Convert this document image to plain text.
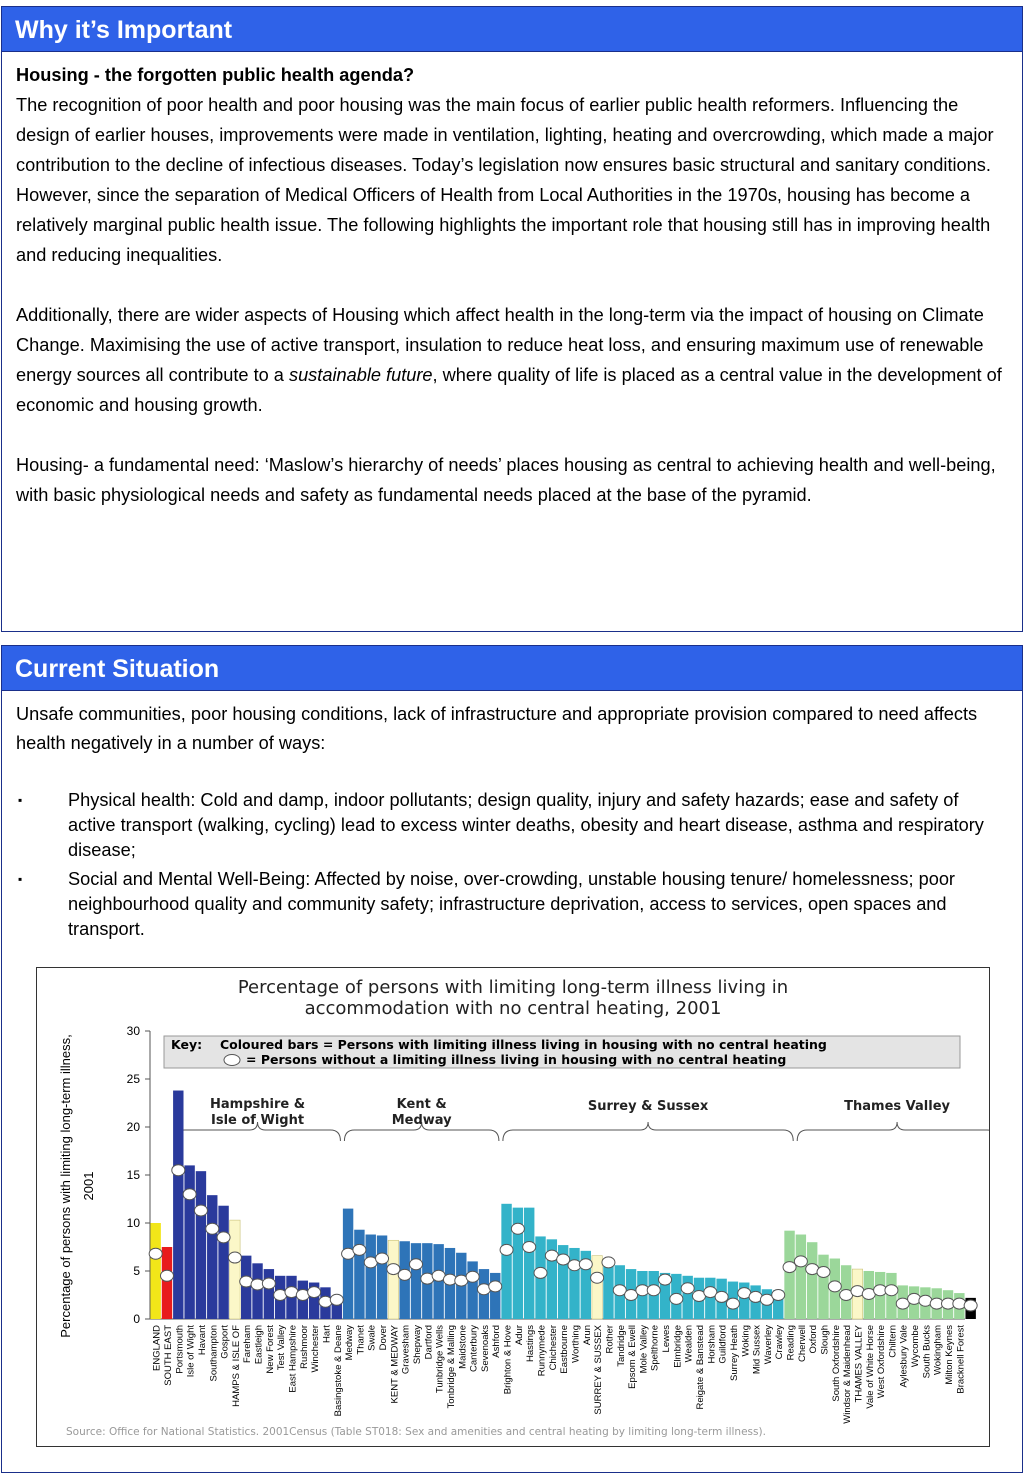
Why it’s Important

Housing - the forgotten public health agenda?

The recognition of poor health and poor housing was the main focus of earlier public health reformers. Influencing the design of earlier houses, improvements were made in ventilation, lighting, heating and overcrowding, which made a major contribution to the decline of infectious diseases. Today’s legislation now ensures basic structural and sanitary conditions. However, since the separation of Medical Officers of Health from Local Authorities in the 1970s, housing has become a relatively marginal public health issue. The following highlights the important role that housing still has in improving health and reducing inequalities.

Additionally, there are wider aspects of Housing which affect health in the long-term via the impact of housing on Climate Change. Maximising the use of active transport, insulation to reduce heat loss, and ensuring maximum use of renewable energy sources all contribute to a sustainable future, where quality of life is placed as a central value in the development of economic and housing growth.

Housing- a fundamental need: ‘Maslow’s hierarchy of needs’ places housing as central to achieving health and well-being, with basic physiological needs and safety as fundamental needs placed at the base of the pyramid.

Current Situation

Unsafe communities, poor housing conditions, lack of infrastructure and appropriate provision compared to need affects health negatively in a number of ways:

▪	Physical health: Cold and damp, indoor pollutants; design quality, injury and safety hazards; ease and safety of active transport (walking, cycling) lead to excess winter deaths, obesity and heart disease, asthma and respiratory disease;
▪	Social and Mental Well-Being: Affected by noise, over-crowding, unstable housing tenure/ homelessness; poor neighbourhood quality and community safety; infrastructure deprivation, access to services, open spaces and transport.
Percentage of persons with limiting long-term illness living in
accommodation with no central heating, 2001
Percentage of persons with limiting long-term illness, 2001
0
5
10
15
20
25
30
Key: Coloured bars = Persons with limiting illness living in housing with no central heating
= Persons without a limiting illness living in housing with no central heating
Hampshire &
Isle of Wight
Kent &
Medway
Surrey & Sussex	Thames Valley
ENGLAND SOUTH EAST Portsmouth Isle of Wight Havant Southampton Gosport HAMPS & ISLE OF Fareham Eastleigh New Forest Test Valley East Hampshire Rushmoor Winchester Hart Basingstoke & Deane Medway Thanet Swale Dover KENT & MEDWAY Gravesham Shepway Dartford Tunbridge Wells Tonbridge & Malling Maidstone Canterbury Sevenoaks Ashford Brighton & Hove Adur Hastings Runnymede Chichester Eastbourne Worthing Arun SURREY & SUSSEX Rother Tandridge Epsom & Ewell Mole Valley Spelthorne Lewes Elmbridge Wealden Reigate & Banstead Horsham Guildford Surrey Heath Woking Mid Sussex Waverley Crawley Reading Cherwell Oxford Slough South Oxfordshire Windsor & Maidenhead THAMES VALLEY Vale of White Horse West Oxfordshire Chiltern Aylesbury Vale Wycombe South Bucks Wokingham Milton Keynes Bracknell Forest
Source: Office for National Statistics. 2001Census (Table ST018: Sex and amenities and central heating by limiting long-term illness).
